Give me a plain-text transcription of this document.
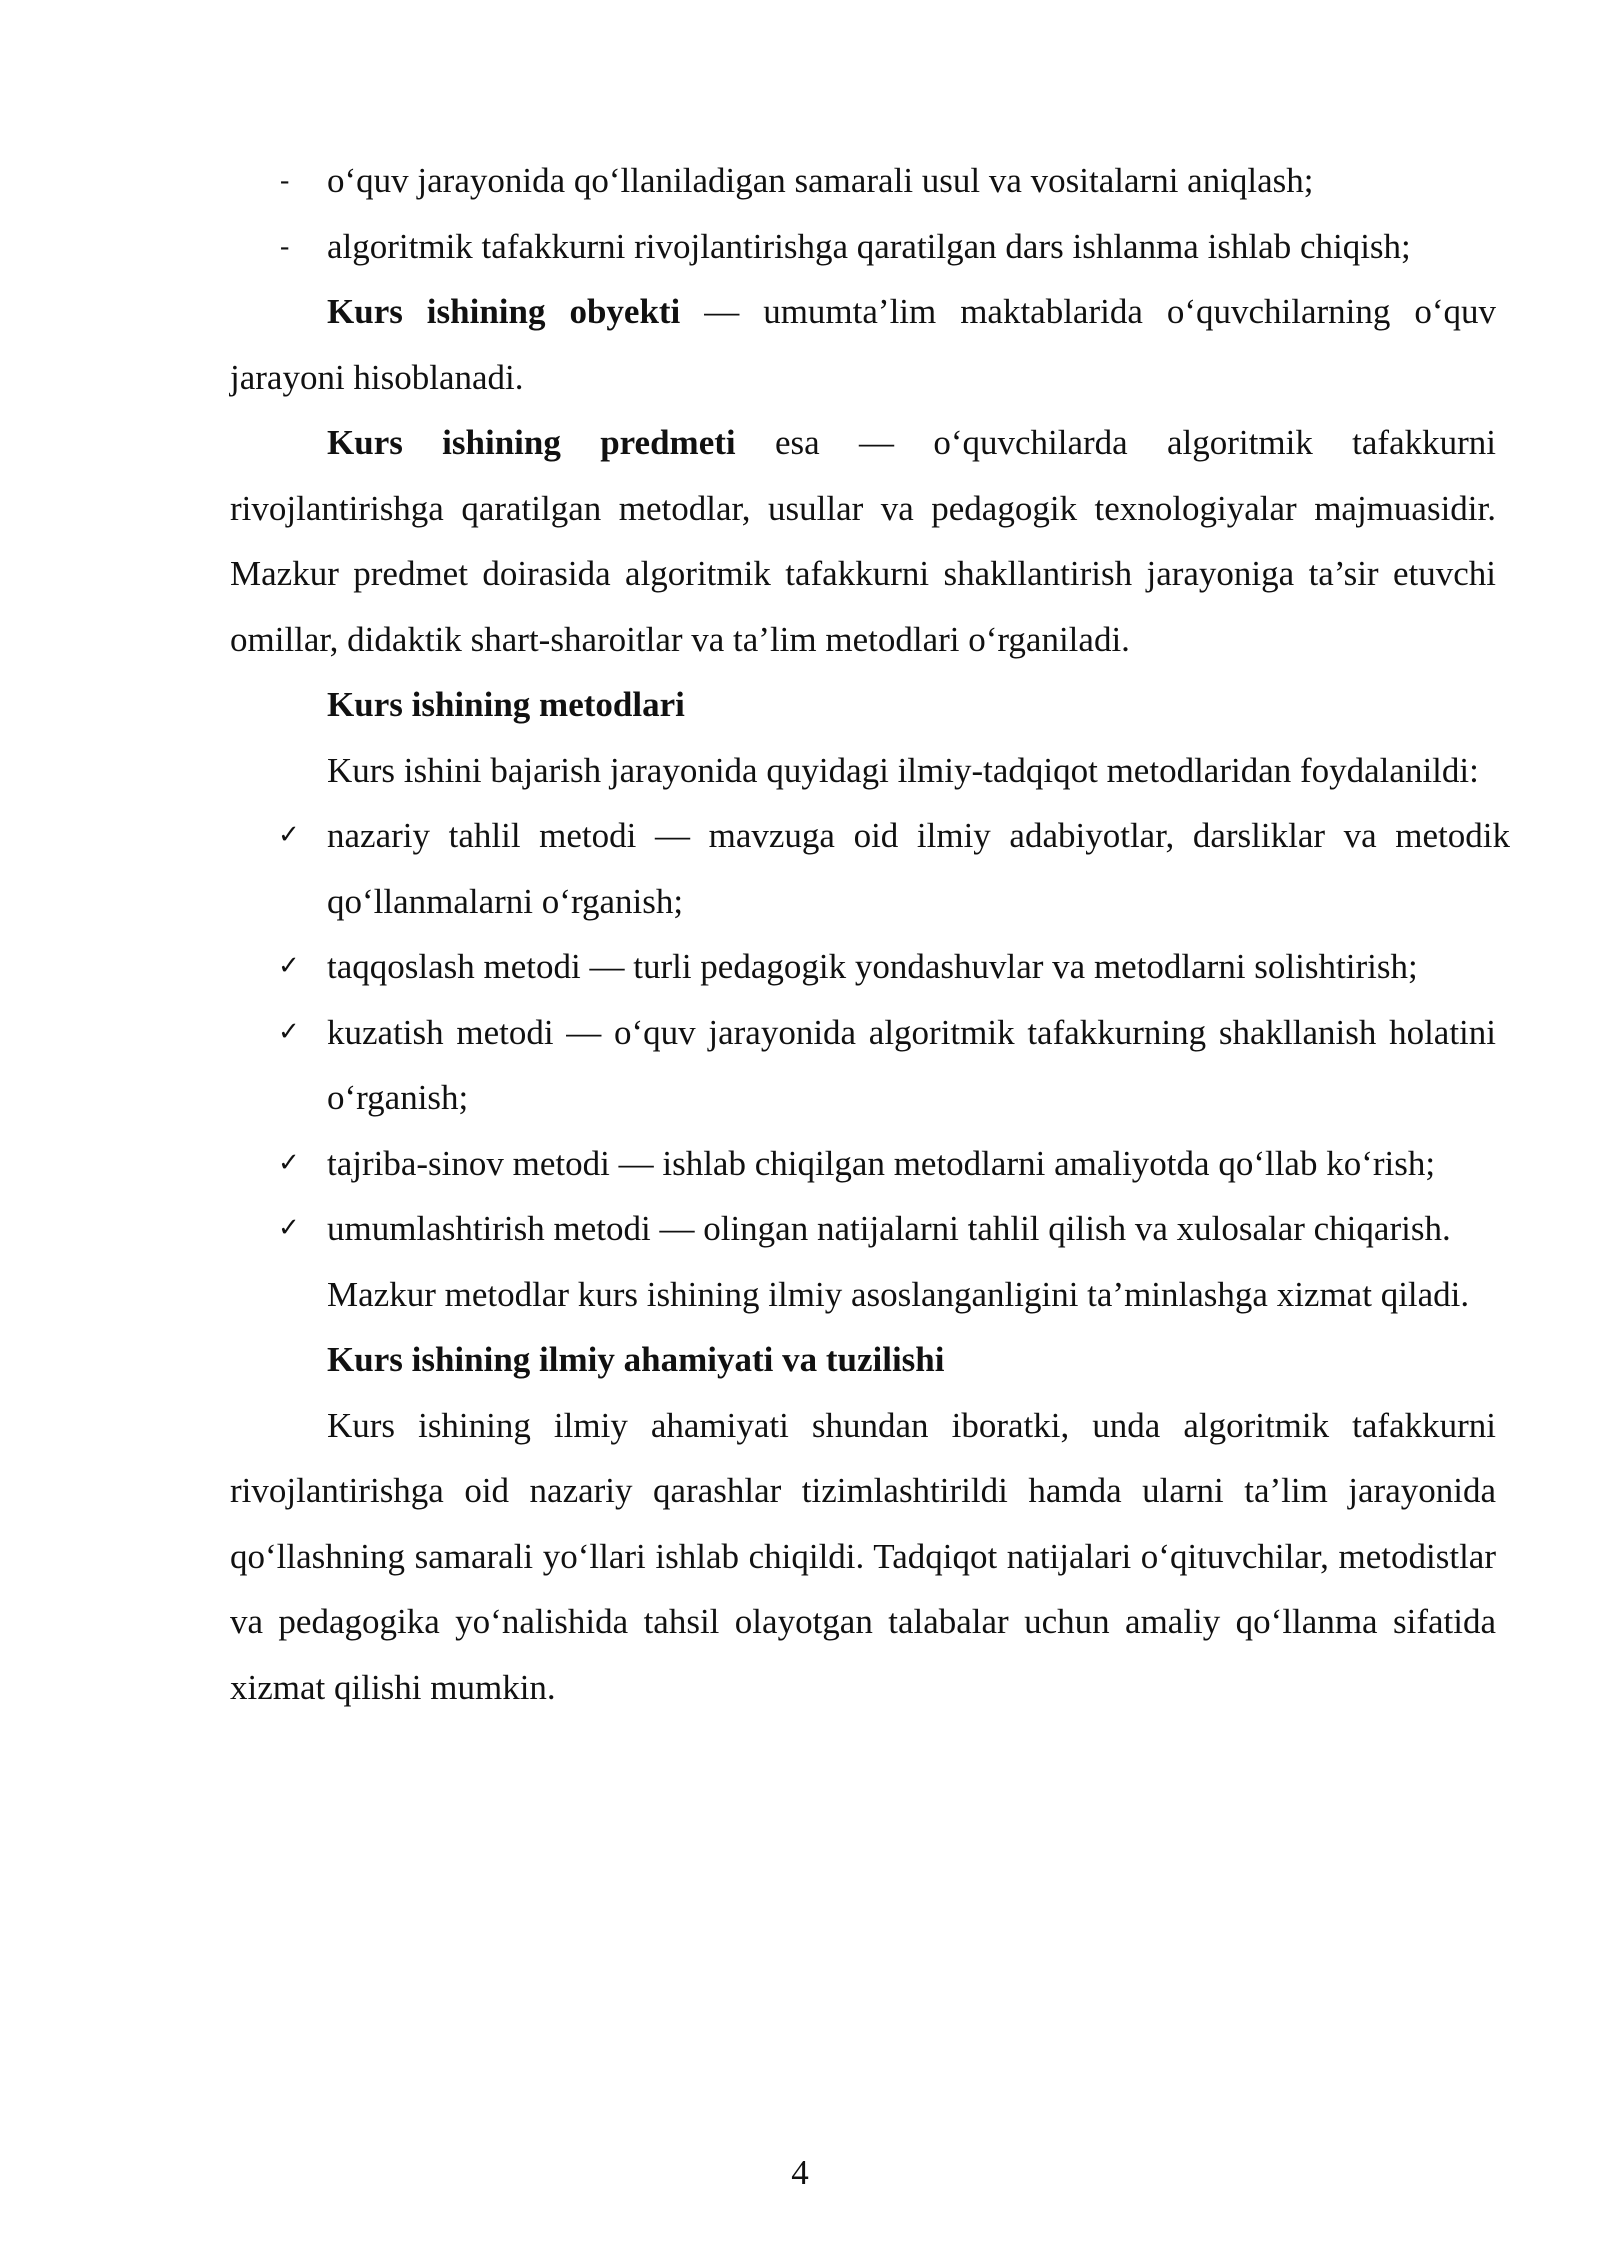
-	o‘quv jarayonida qo‘llaniladigan samarali usul va vositalarni aniqlash;

-	algoritmik tafakkurni rivojlantirishga qaratilgan dars ishlanma ishlab chiqish;

Kurs ishining obyekti — umumta’lim maktablarida o‘quvchilarning o‘quv jarayoni hisoblanadi.

Kurs ishining predmeti esa — o‘quvchilarda algoritmik tafakkurni rivojlantirishga qaratilgan metodlar, usullar va pedagogik texnologiyalar majmuasidir. Mazkur predmet doirasida algoritmik tafakkurni shakllantirish jarayoniga ta’sir etuvchi omillar, didaktik shart-sharoitlar va ta’lim metodlari o‘rganiladi.

Kurs ishining metodlari

Kurs ishini bajarish jarayonida quyidagi ilmiy-tadqiqot metodlaridan foydalanildi:

✓ nazariy tahlil metodi — mavzuga oid ilmiy adabiyotlar, darsliklar va metodik qo‘llanmalarni o‘rganish;

✓ taqqoslash metodi — turli pedagogik yondashuvlar va metodlarni solishtirish;

✓ kuzatish metodi — o‘quv jarayonida algoritmik tafakkurning shakllanish holatini o‘rganish;

✓ tajriba-sinov metodi — ishlab chiqilgan metodlarni amaliyotda qo‘llab ko‘rish;

✓ umumlashtirish metodi — olingan natijalarni tahlil qilish va xulosalar chiqarish.

Mazkur metodlar kurs ishining ilmiy asoslanganligini ta’minlashga xizmat qiladi.

Kurs ishining ilmiy ahamiyati va tuzilishi

Kurs ishining ilmiy ahamiyati shundan iboratki, unda algoritmik tafakkurni rivojlantirishga oid nazariy qarashlar tizimlashtirildi hamda ularni ta’lim jarayonida qo‘llashning samarali yo‘llari ishlab chiqildi. Tadqiqot natijalari o‘qituvchilar, metodistlar va pedagogika yo‘nalishida tahsil olayotgan talabalar uchun amaliy qo‘llanma sifatida xizmat qilishi mumkin.

4
